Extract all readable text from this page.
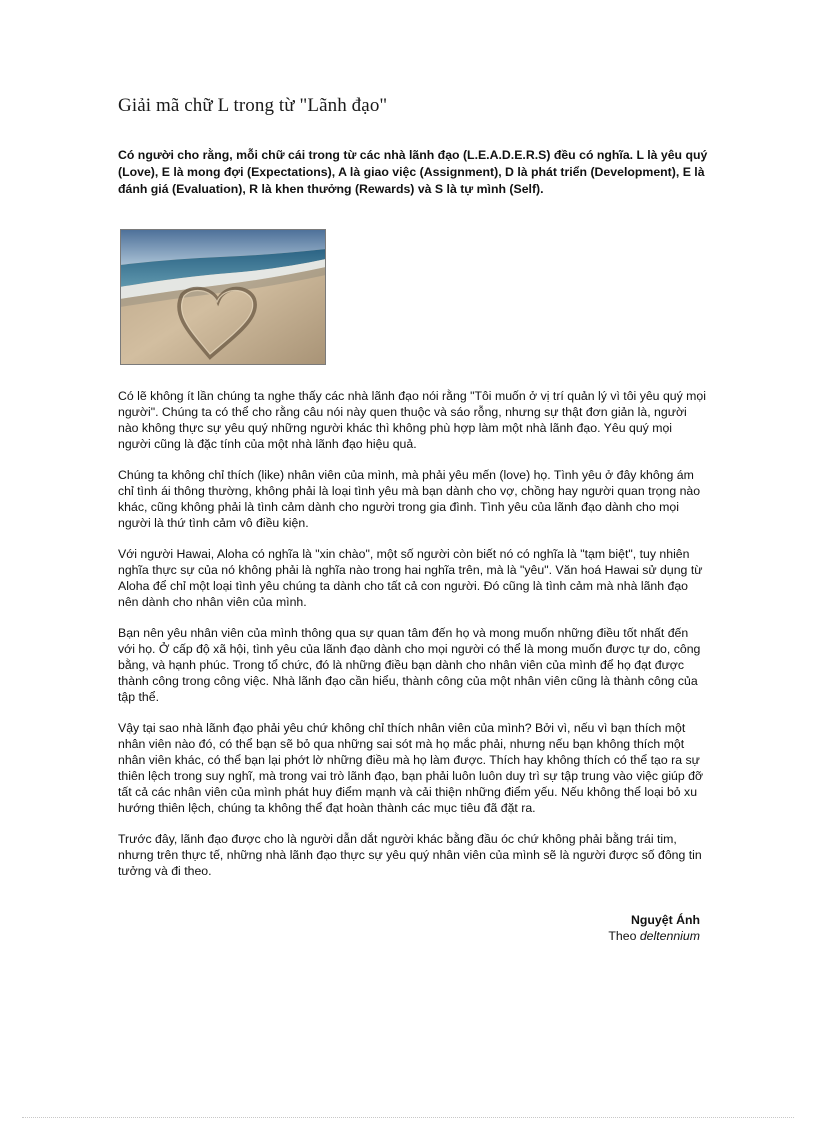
Giải mã chữ L trong từ "Lãnh đạo"

Có người cho rằng, mỗi chữ cái trong từ các nhà lãnh đạo (L.E.A.D.E.R.S) đều có nghĩa. L là yêu quý (Love), E là mong đợi (Expectations), A là giao việc (Assignment), D là phát triển (Development), E là đánh giá (Evaluation), R là khen thưởng (Rewards) và S là tự mình (Self).

Có lẽ không ít lần chúng ta nghe thấy các nhà lãnh đạo nói rằng "Tôi muốn ở vị trí quản lý vì tôi yêu quý mọi người". Chúng ta có thể cho rằng câu nói này quen thuộc và sáo rỗng, nhưng sự thật đơn giản là, người nào không thực sự yêu quý những người khác thì không phù hợp làm một nhà lãnh đạo. Yêu quý mọi người cũng là đặc tính của một nhà lãnh đạo hiệu quả.

Chúng ta không chỉ thích (like) nhân viên của mình, mà phải yêu mến (love) họ. Tình yêu ở đây không ám chỉ tình ái thông thường, không phải là loại tình yêu mà bạn dành cho vợ, chồng hay người quan trọng nào khác, cũng không phải là tình cảm dành cho người trong gia đình. Tình yêu của lãnh đạo dành cho mọi người là thứ tình cảm vô điều kiện.

Với người Hawai, Aloha có nghĩa là "xin chào", một số người còn biết nó có nghĩa là "tạm biệt", tuy nhiên nghĩa thực sự của nó không phải là nghĩa nào trong hai nghĩa trên, mà là "yêu". Văn hoá Hawai sử dụng từ Aloha để chỉ một loại tình yêu chúng ta dành cho tất cả con người. Đó cũng là tình cảm mà nhà lãnh đạo nên dành cho nhân viên của mình.

Bạn nên yêu nhân viên của mình thông qua sự quan tâm đến họ và mong muốn những điều tốt nhất đến với họ. Ở cấp độ xã hội, tình yêu của lãnh đạo dành cho mọi người có thể là mong muốn được tự do, công bằng, và hạnh phúc. Trong tổ chức, đó là những điều bạn dành cho nhân viên của mình để họ đạt được thành công trong công việc. Nhà lãnh đạo cần hiểu, thành công của một nhân viên cũng là thành công của tập thể.

Vậy tại sao nhà lãnh đạo phải yêu chứ không chỉ thích nhân viên của mình? Bởi vì, nếu vì bạn thích một nhân viên nào đó, có thể bạn sẽ bỏ qua những sai sót mà họ mắc phải, nhưng nếu bạn không thích một nhân viên khác, có thể bạn lại phớt lờ những điều mà họ làm được. Thích hay không thích có thể tạo ra sự thiên lệch trong suy nghĩ, mà trong vai trò lãnh đạo, bạn phải luôn luôn duy trì sự tập trung vào việc giúp đỡ tất cả các nhân viên của mình phát huy điểm mạnh và cải thiện những điểm yếu. Nếu không thể loại bỏ xu hướng thiên lệch, chúng ta không thể đạt hoàn thành các mục tiêu đã đặt ra.

Trước đây, lãnh đạo được cho là người dẫn dắt người khác bằng đầu óc chứ không phải bằng trái tim, nhưng trên thực tế, những nhà lãnh đạo thực sự yêu quý nhân viên của mình sẽ là người được số đông tin tưởng và đi theo.

Nguyệt Ánh
Theo deltennium
